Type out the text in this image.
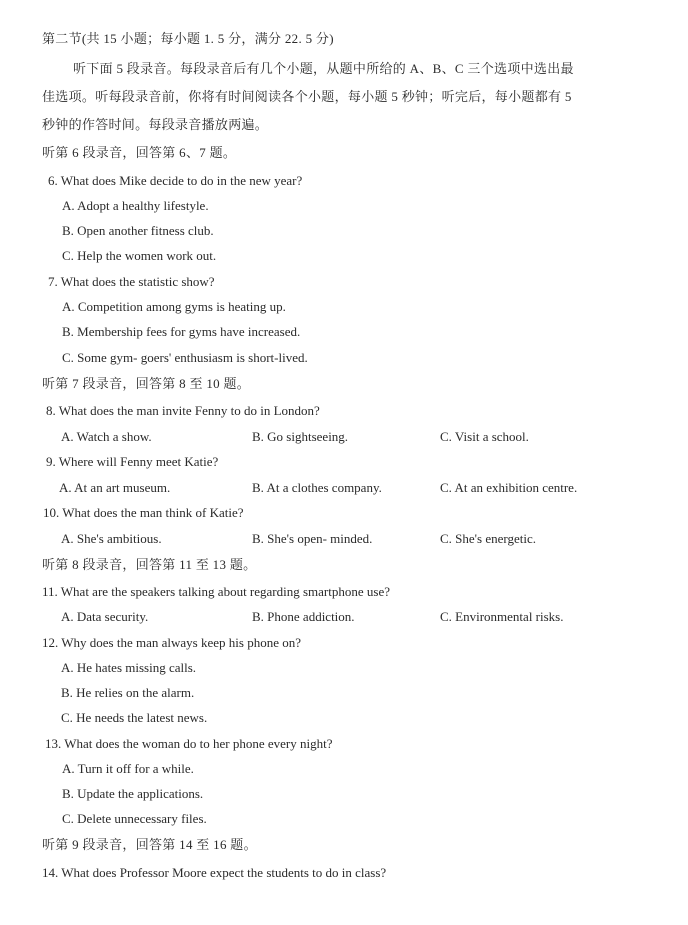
第二节(共 15 小题；每小题 1. 5 分，满分 22. 5 分)
听下面 5 段录音。每段录音后有几个小题，从题中所给的 A、B、C 三个选项中选出最
佳选项。听每段录音前，你将有时间阅读各个小题，每小题 5 秒钟；听完后，每小题都有 5
秒钟的作答时间。每段录音播放两遍。
听第 6 段录音，回答第 6、7 题。
6. What does Mike decide to do in the new year?
A. Adopt a healthy lifestyle.
B. Open another fitness club.
C. Help the women work out.
7. What does the statistic show?
A. Competition among gyms is heating up.
B. Membership fees for gyms have increased.
C. Some gym- goers' enthusiasm is short-lived.
听第 7 段录音，回答第 8 至 10 题。
8. What does the man invite Fenny to do in London?
A. Watch a show.	B. Go sightseeing.	C. Visit a school.
9. Where will Fenny meet Katie?
A. At an art museum.	B. At a clothes company.	C. At an exhibition centre.
10. What does the man think of Katie?
A. She's ambitious.	B. She's open- minded.	C. She's energetic.
听第 8 段录音，回答第 11 至 13 题。
11. What are the speakers talking about regarding smartphone use?
A. Data security.	B. Phone addiction.	C. Environmental risks.
12. Why does the man always keep his phone on?
A. He hates missing calls.
B. He relies on the alarm.
C. He needs the latest news.
13. What does the woman do to her phone every night?
A. Turn it off for a while.
B. Update the applications.
C. Delete unnecessary files.
听第 9 段录音，回答第 14 至 16 题。
14. What does Professor Moore expect the students to do in class?
